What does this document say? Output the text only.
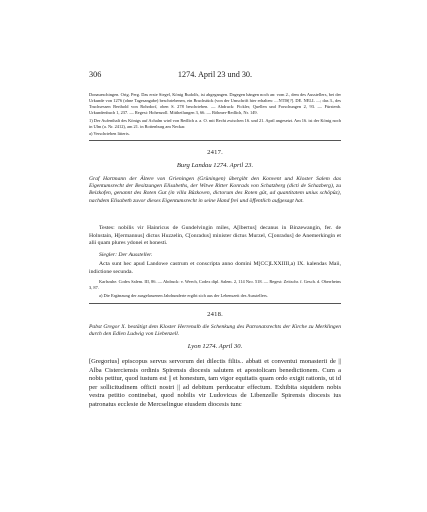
306	1274. April 23 und 30.

Donaueschingen. Orig. Perg. Das erste Siegel, König Rudolfs, ist abgegangen. Dagegen hängen noch an: vom 2., dem des Ausstellers, bei der Urkunde von 1276 (ohne Tagesangabe) beschriebenen, ein Bruchstück (von der Umschrift hier erhalten: ....NTIS[?]. DE. NELL ....; das 3., des Truchsessen Berthold von Rohrdorf, oben S. 278 beschrieben. — Abdruck: Fickler, Quellen und Forschungen 2, 93. — Fürstenb. Urkundenbuch 1, 237. — Regest: Hohenzoll. Mittheilungen 3, 66. — Böhmer-Redlich, Nr. 149.

1) Der Aufenthalt des Königs auf Achalm wird von Redlich a. a. O. mit Recht zwischen 16. und 21. April angesetzt. Am 16. ist der König noch in Ulm (a. Nr. 2412), am 21. in Rottenburg am Neckar.

a) Verschrieben litteris.

2417.

Burg Landau 1274. April 23.

Graf Hartmann der Ältere von Grieningen (Grüningen) übergibt den Konvent und Kloster Salem das Eigentumsrecht der Besitzungen Elisabeths, der Witwe Ritter Konrads von Schatzberg (dicti de Schazberg), zu Beizkofen, genannt des Roten Gut (in villa Bûzkoven, dictorum des Roten gût, ad quantitatem unius schôpûz), nachdem Elisabeth zuvor dieses Eigentumsrecht in seine Hand frei und öffentlich aufgesagt hat.

Testes: nobilis vir Hainricus de Gundelvingin miles, A[lbertus] decanus in Binzewangin, fer. de Holnstain, H[ermannus] dictus Huzzelin, C[onradus] minister dictus Murzel, C[onradus] de Anemerkingin et alii quam plures ydonei et honesti.

Siegler: Der Aussteller.

Acta sunt hec apud Landowe castrum et conscripta anno domini M[CC]LXXIIII,a) IX. kalendas Maii, indictione secunda.

Karlsruhe. Codex Salem. III, 86. — Abdruck: v. Weech, Codex dipl. Salem. 2, 114 Nro. 518. — Regest: Zeitschr. f. Gesch. d. Oberrheins 3, 87.

a) Die Ergänzung der ausgelassenen Jahrhunderte ergibt sich aus der Lebenszeit des Ausstellers.

2418.

Pabst Gregor X. bestätigt dem Kloster Herrenalb die Schenkung des Patronatsrechts der Kirche zu Merklingen durch den Edlen Ludwig von Liebenzell.

Lyon 1274. April 30.

[Gregorius] episcopus servus servorum dei dilectis filiis.. abbati et conventui monasterii de || Alba Cisterciensis ordinis Spirensis diocesis salutem et apostolicam benedictionem. Cum a nobis petitur, quod iustum est || et honestum, tam vigor equitatis quam ordo exigit rationis, ut id per sollicitudinem officii nostri || ad debitum perducatur effectum. Exhibita siquidem nobis vestra petitio continebat, quod nobilis vir Ludovicus de Libenzelle Spirensis diocesis ius patronatus ecclesie de Mercselingue eiusdem diocesis tunc
